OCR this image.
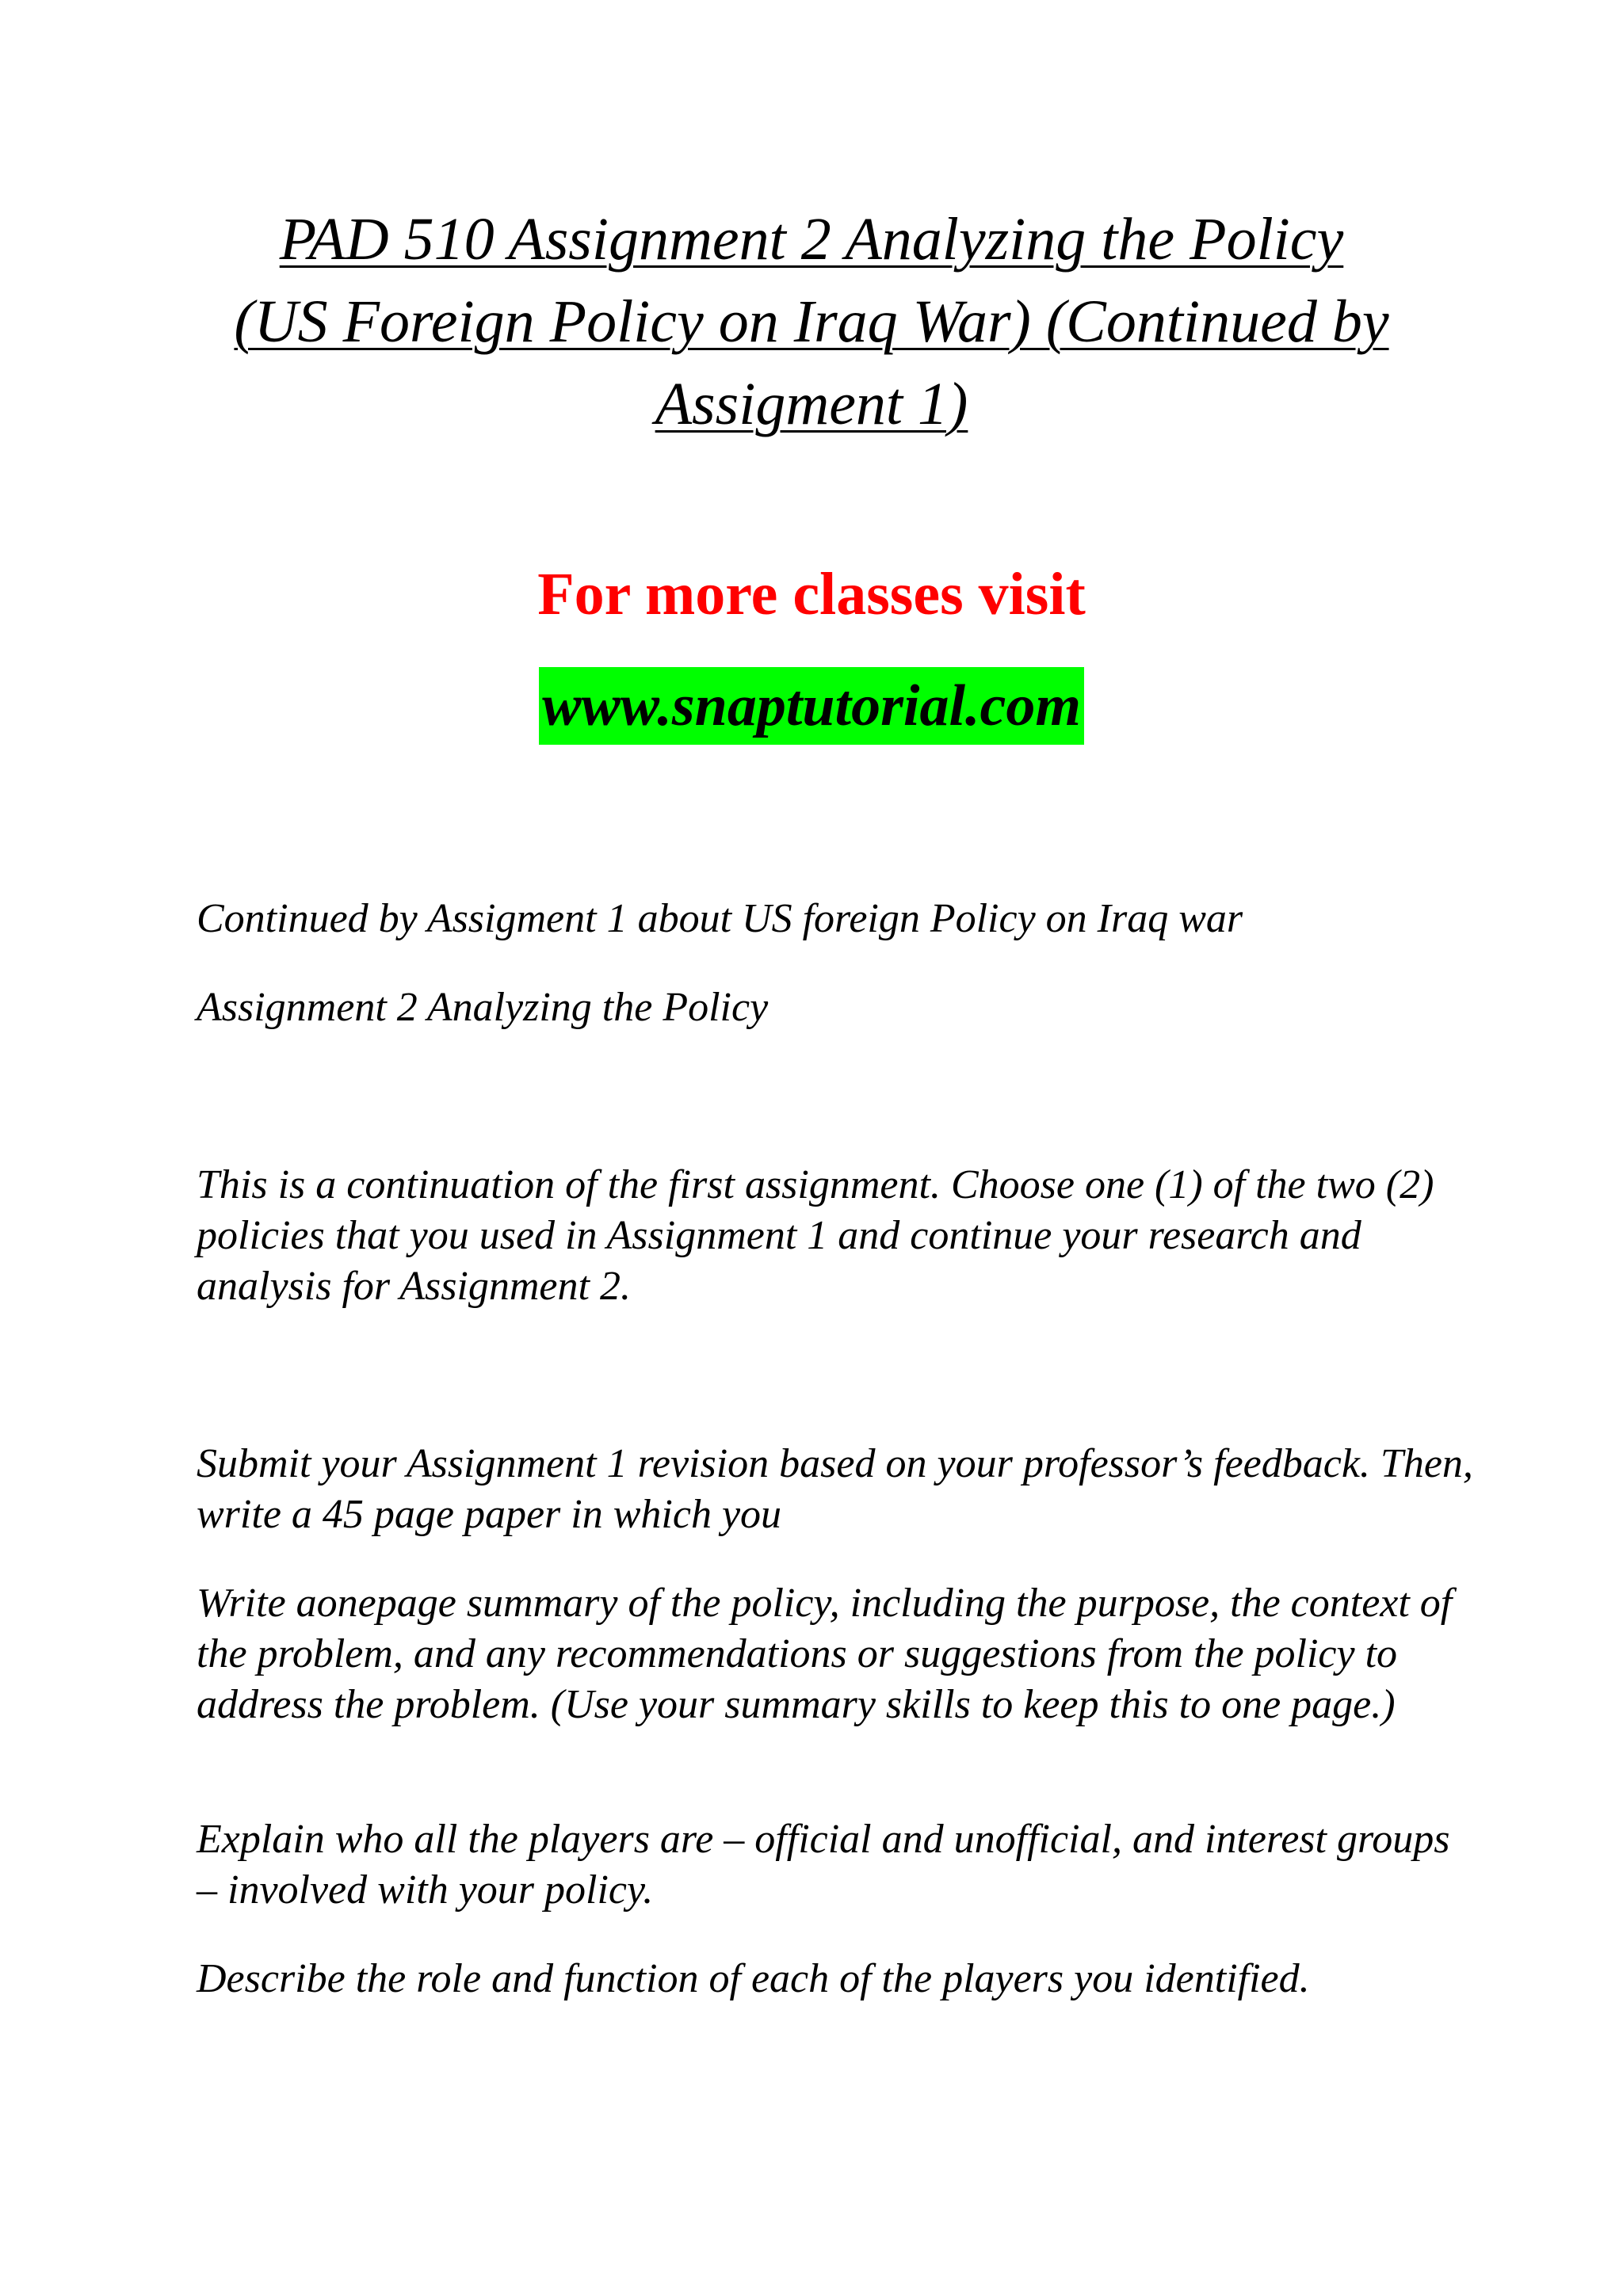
PAD 510 Assignment 2 Analyzing the Policy
(US Foreign Policy on Iraq War) (Continued by
Assigment 1)

For more classes visit

www.snaptutorial.com

Continued by Assigment 1 about US foreign Policy on Iraq war

Assignment 2 Analyzing the Policy

This is a continuation of the first assignment. Choose one (1) of the two (2) policies that you used in Assignment 1 and continue your research and analysis for Assignment 2.

Submit your Assignment 1 revision based on your professor’s feedback. Then, write a 45 page paper in which you

Write aonepage summary of the policy, including the purpose, the context of the problem, and any recommendations or suggestions from the policy to address the problem. (Use your summary skills to keep this to one page.)

Explain who all the players are – official and unofficial, and interest groups – involved with your policy.

Describe the role and function of each of the players you identified.
